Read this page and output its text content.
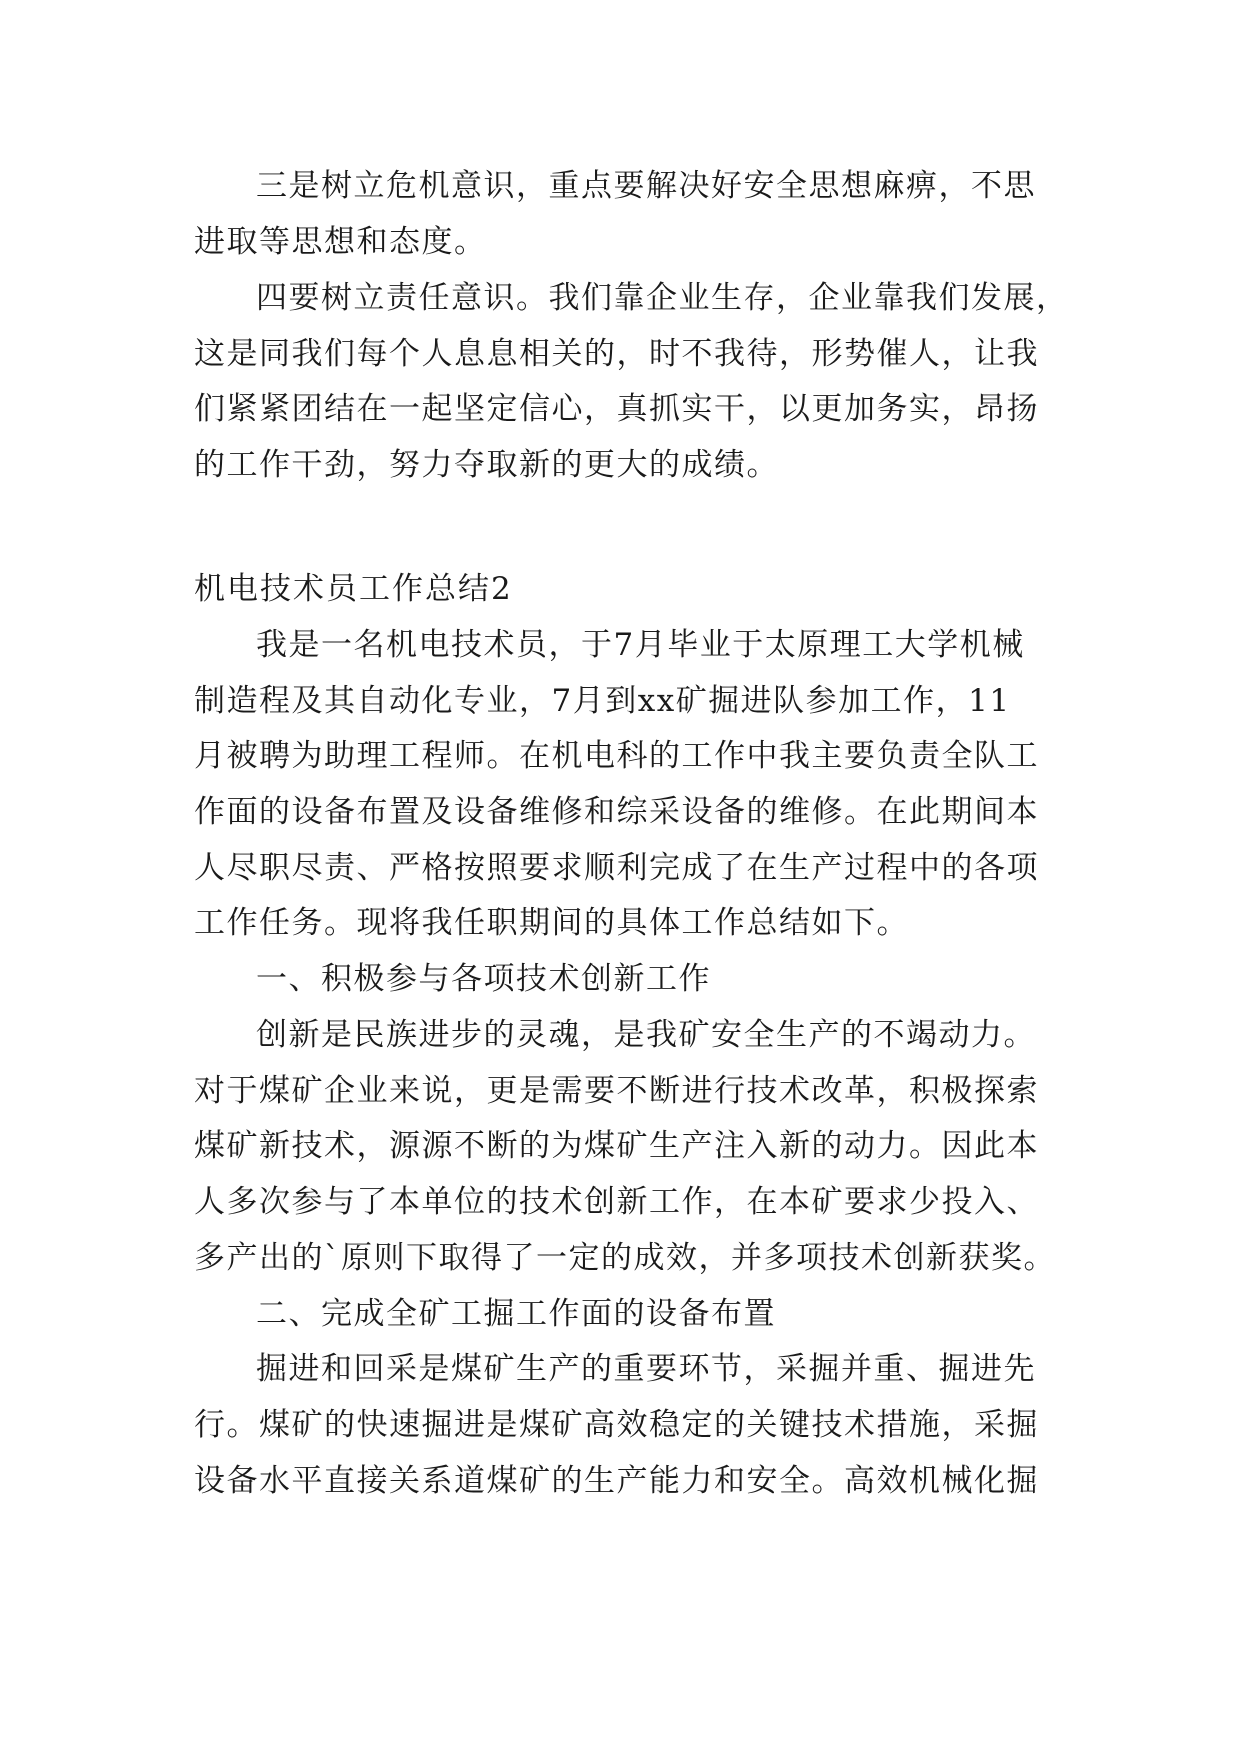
三是树立危机意识，重点要解决好安全思想麻痹，不思
进取等思想和态度。
四要树立责任意识。我们靠企业生存，企业靠我们发展，
这是同我们每个人息息相关的，时不我待，形势催人，让我
们紧紧团结在一起坚定信心，真抓实干，以更加务实，昂扬
的工作干劲，努力夺取新的更大的成绩。
机电技术员工作总结2
我是一名机电技术员，于7月毕业于太原理工大学机械
制造程及其自动化专业，7月到xx矿掘进队参加工作，11
月被聘为助理工程师。在机电科的工作中我主要负责全队工
作面的设备布置及设备维修和综采设备的维修。在此期间本
人尽职尽责、严格按照要求顺利完成了在生产过程中的各项
工作任务。现将我任职期间的具体工作总结如下。
一、积极参与各项技术创新工作
创新是民族进步的灵魂，是我矿安全生产的不竭动力。
对于煤矿企业来说，更是需要不断进行技术改革，积极探索
煤矿新技术，源源不断的为煤矿生产注入新的动力。因此本
人多次参与了本单位的技术创新工作，在本矿要求少投入、
多产出的`原则下取得了一定的成效，并多项技术创新获奖。
二、完成全矿工掘工作面的设备布置
掘进和回采是煤矿生产的重要环节，采掘并重、掘进先
行。煤矿的快速掘进是煤矿高效稳定的关键技术措施，采掘
设备水平直接关系道煤矿的生产能力和安全。高效机械化掘
